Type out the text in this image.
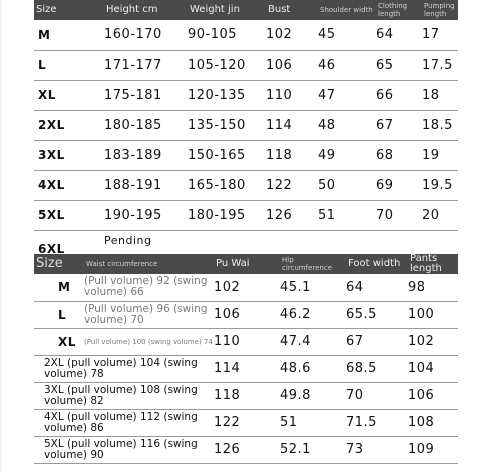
Size	Height cm	Weight jin	Bust	Shoulder width	Clothing length	Pumping length
M	160-170	90-105	102	45	64	17
L	171-177	105-120	106	46	65	17.5
XL	175-181	120-135	110	47	66	18
2XL	180-185	135-150	114	48	67	18.5
3XL	183-189	150-165	118	49	68	19
4XL	188-191	165-180	122	50	69	19.5
5XL	190-195	180-195	126	51	70	20
6XL	Pending					
Size	Waist circumference	Pu Wai	Hip circumference	Foot width	Pants length
M	(Pull volume) 92 (swing volume) 66	102	45.1	64	98
L	(Pull volume) 96 (swing volume) 70	106	46.2	65.5	100
XL	(Pull volume) 100 (swing volume) 74	110	47.4	67	102
2XL (pull volume) 104 (swing volume) 78		114	48.6	68.5	104
3XL (pull volume) 108 (swing volume) 82		118	49.8	70	106
4XL (pull volume) 112 (swing volume) 86		122	51	71.5	108
5XL (pull volume) 116 (swing volume) 90		126	52.1	73	109
